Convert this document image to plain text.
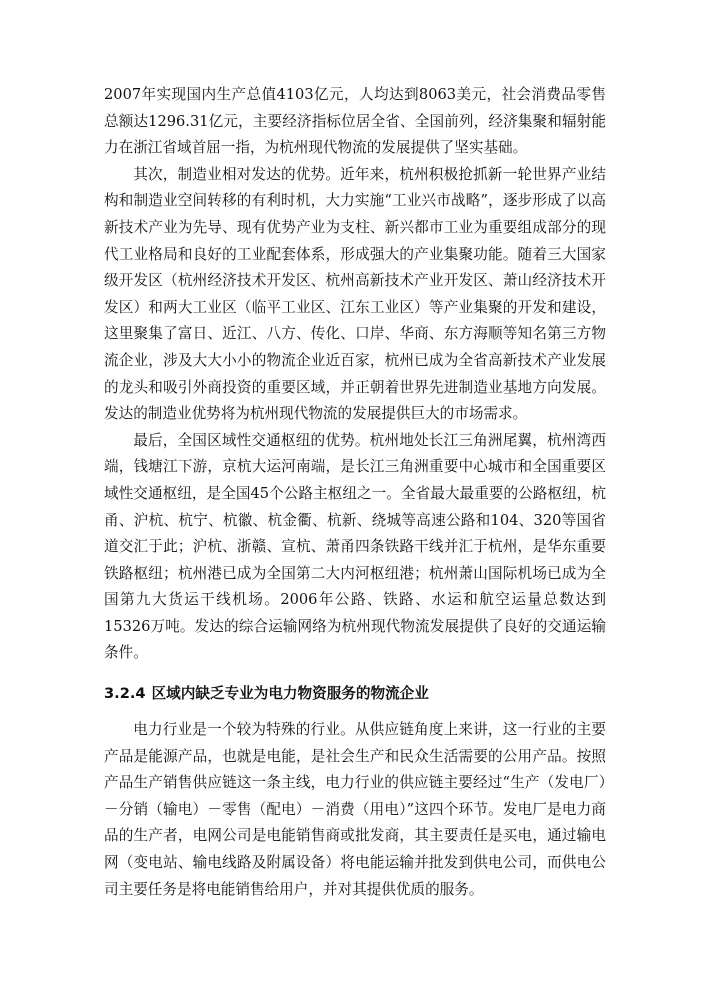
2007年实现国内生产总值4103亿元，人均达到8063美元，社会消费品零售总额达1296.31亿元，主要经济指标位居全省、全国前列，经济集聚和辐射能力在浙江省域首屈一指，为杭州现代物流的发展提供了坚实基础。

其次，制造业相对发达的优势。近年来，杭州积极抢抓新一轮世界产业结构和制造业空间转移的有利时机，大力实施“工业兴市战略”，逐步形成了以高新技术产业为先导、现有优势产业为支柱、新兴都市工业为重要组成部分的现代工业格局和良好的工业配套体系，形成强大的产业集聚功能。随着三大国家级开发区（杭州经济技术开发区、杭州高新技术产业开发区、萧山经济技术开发区）和两大工业区（临平工业区、江东工业区）等产业集聚的开发和建设，这里聚集了富日、近江、八方、传化、口岸、华商、东方海顺等知名第三方物流企业，涉及大大小小的物流企业近百家，杭州已成为全省高新技术产业发展的龙头和吸引外商投资的重要区域，并正朝着世界先进制造业基地方向发展。发达的制造业优势将为杭州现代物流的发展提供巨大的市场需求。

最后，全国区域性交通枢纽的优势。杭州地处长江三角洲尾翼，杭州湾西端，钱塘江下游，京杭大运河南端，是长江三角洲重要中心城市和全国重要区域性交通枢纽，是全国45个公路主枢纽之一。全省最大最重要的公路枢纽，杭甬、沪杭、杭宁、杭徽、杭金衢、杭新、绕城等高速公路和104、320等国省道交汇于此；沪杭、浙赣、宣杭、萧甬四条铁路干线并汇于杭州，是华东重要铁路枢纽；杭州港已成为全国第二大内河枢纽港；杭州萧山国际机场已成为全国第九大货运干线机场。2006年公路、铁路、水运和航空运量总数达到15326万吨。发达的综合运输网络为杭州现代物流发展提供了良好的交通运输条件。

3.2.4 区域内缺乏专业为电力物资服务的物流企业

电力行业是一个较为特殊的行业。从供应链角度上来讲，这一行业的主要产品是能源产品，也就是电能，是社会生产和民众生活需要的公用产品。按照产品生产销售供应链这一条主线，电力行业的供应链主要经过“生产（发电厂）－分销（输电）－零售（配电）－消费（用电）”这四个环节。发电厂是电力商品的生产者，电网公司是电能销售商或批发商，其主要责任是买电，通过输电网（变电站、输电线路及附属设备）将电能运输并批发到供电公司，而供电公司主要任务是将电能销售给用户，并对其提供优质的服务。
